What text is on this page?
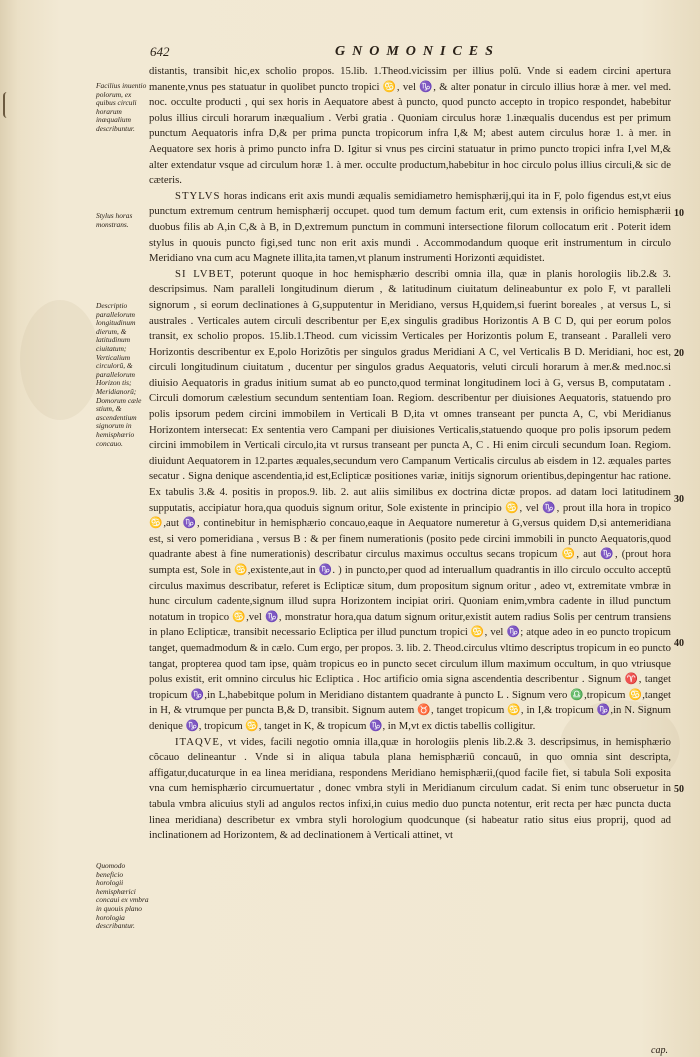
642	GNOMONICES
Facilius inuentio polorum, ex quibus circuli horarum inæqualium describuntur.
Stylus horas monstrans.
Descriptio parallelorum longitudinum dierum, & latitudinum ciuitatum; Verticalium circulorũ, & parallelorum Horizon tis; Meridianorũ; Domorum cæle stium, & ascendentium signorum in hemisphærio concauo.
Quomodo beneficio horologii hemisphærici concaui ex vmbra in quouis plano horologia describantur.
10
20
30
40
50

distantis, transibit hic,ex scholio propos. 15.lib. 1.Theod.vicissim per illius polũ. Vnde si eadem circini apertura manente,vnus pes statuatur in quolibet puncto tropici ♋, vel ♑, & alter ponatur in circulo illius horæ à mer. vel med. noc. occulte producti , qui sex horis in Aequatore abest à puncto, quod puncto accepto in tropico respondet, habebitur polus illius circuli horarum inæqualium . Verbi gratia . Quoniam circulus horæ 1.inæqualis ducendus est per primum punctum Aequatoris infra D,& per prima puncta tropicorum infra I,& M; abest autem circulus horæ 1. à mer. in Aequatore sex horis à primo puncto infra D. Igitur si vnus pes circini statuatur in primo puncto tropici infra I,vel M,& alter extendatur vsque ad circulum horæ 1. à mer. occulte productum,habebitur in hoc circulo polus illius circuli,& sic de cæteris.

STYLVS horas indicans erit axis mundi æqualis semidiametro hemisphærij,qui ita in F, polo figendus est,vt eius punctum extremum centrum hemisphærij occupet. quod tum demum factum erit, cum extensis in orificio hemisphærii duobus filis ab A,in C,& à B, in D,extremum punctum in communi intersectione filorum collocatum erit . Poterit idem stylus in quouis puncto figi,sed tunc non erit axis mundi . Accommodandum quoque erit instrumentum in circulo Meridiano vna cum acu Magnete illita,ita tamen,vt planum instrumenti Horizonti æquidistet.

SI LVBET, poterunt quoque in hoc hemisphærio describi omnia illa, quæ in planis horologiis lib.2.& 3. descripsimus. Nam paralleli longitudinum dierum , & latitudinum ciuitatum delineabuntur ex polo F, vt paralleli signorum , si eorum declinationes à G,supputentur in Meridiano, versus H,quidem,si fuerint boreales , at versus L, si australes . Verticales autem circuli describentur per E,ex singulis gradibus Horizontis A B C D, qui per eorum polos transit, ex scholio propos. 15.lib.1.Theod. cum vicissim Verticales per Horizontis polum E, transeant . Paralleli vero Horizontis describentur ex E,polo Horizõtis per singulos gradus Meridiani A C, vel Verticalis B D. Meridiani, hoc est, circuli longitudinum ciuitatum , ducentur per singulos gradus Aequatoris, veluti circuli horarum à mer.& med.noc.si diuisio Aequatoris in gradus initium sumat ab eo puncto,quod terminat longitudinem loci à G, versus B, computatam . Circuli domorum cælestium secundum sententiam Ioan. Regiom. describentur per diuisiones Aequatoris, statuendo pro polis ipsorum pedem circini immobilem in Verticali B D,ita vt omnes transeant per puncta A, C, vbi Meridianus Horizontem intersecat: Ex sententia vero Campani per diuisiones Verticalis,statuendo quoque pro polis ipsorum pedem circini immobilem in Verticali circulo,ita vt rursus transeant per puncta A, C . Hi enim circuli secundum Ioan. Regiom. diuidunt Aequatorem in 12.partes æquales,secundum vero Campanum Verticalis circulus ab eisdem in 12. æquales partes secatur . Signa denique ascendentia,id est,Eclipticæ positiones variæ, initijs signorum orientibus,depingentur hac ratione. Ex tabulis 3.& 4. positis in propos.9. lib. 2. aut aliis similibus ex doctrina dictæ propos. ad datam loci latitudinem supputatis, accipiatur hora,qua quoduis signum oritur, Sole existente in principio ♋, vel ♑, prout illa hora in tropico ♋,aut ♑, continebitur in hemisphærio concauo,eaque in Aequatore numeretur à G,versus quidem D,si antemeridiana est, si vero pomeridiana , versus B : & per finem numerationis (posito pede circini immobili in puncto Aequatoris,quod quadrante abest à fine numerationis) describatur circulus maximus occultus secans tropicum ♋, aut ♑, (prout hora sumpta est, Sole in ♋,existente,aut in ♑. ) in puncto,per quod ad interuallum quadrantis in illo circulo occulto acceptũ circulus maximus describatur, referet is Eclipticæ situm, dum propositum signum oritur , adeo vt, extremitate vmbræ in hunc circulum cadente,signum illud supra Horizontem incipiat oriri. Quoniam enim,vmbra cadente in illud punctum notatum in tropico ♋,vel ♑, monstratur hora,qua datum signum oritur,existit autem radius Solis per centrum transiens in plano Eclipticæ, transibit necessario Ecliptica per illud punctum tropici ♋, vel ♑; atque adeo in eo puncto tropicum tanget, quemadmodum & in cælo. Cum ergo, per propos. 3. lib. 2. Theod.circulus vltimo descriptus tropicum in eo puncto tangat, propterea quod tam ipse, quàm tropicus eo in puncto secet circulum illum maximum occultum, in quo vtriusque polus existit, erit omnino circulus hic Ecliptica . Hoc artificio omia signa ascendentia describentur . Signum ♈, tanget tropicum ♑,in L,habebitque polum in Meridiano distantem quadrante à puncto L . Signum vero ♎,tropicum ♋,tanget in H, & vtrumque per puncta B,& D, transibit. Signum autem ♉, tanget tropicum ♋, in I,& tropicum ♑,in N. Signum denique ♑, tropicum ♋, tanget in K, & tropicum ♑, in M,vt ex dictis tabellis colligitur.

ITAQVE, vt vides, facili negotio omnia illa,quæ in horologiis plenis lib.2.& 3. descripsimus, in hemisphærio cõcauo delineantur . Vnde si in aliqua tabula plana hemisphæriũ concauũ, in quo omnia sint descripta, affigatur,ducaturque in ea linea meridiana, respondens Meridiano hemisphærii,(quod facile fiet, si tabula Soli exposita vna cum hemisphærio circumuertatur , donec vmbra styli in Meridianum circulum cadat. Si enim tunc obseruetur in tabula vmbra alicuius styli ad angulos rectos infixi,in cuius medio duo puncta notentur, erit recta per hæc puncta ducta linea meridiana) describetur ex vmbra styli horologium quodcunque (si habeatur ratio situs eius proprij, quod ad inclinationem ad Horizontem, & ad declinationem à Verticali attinet, vt

cap.
